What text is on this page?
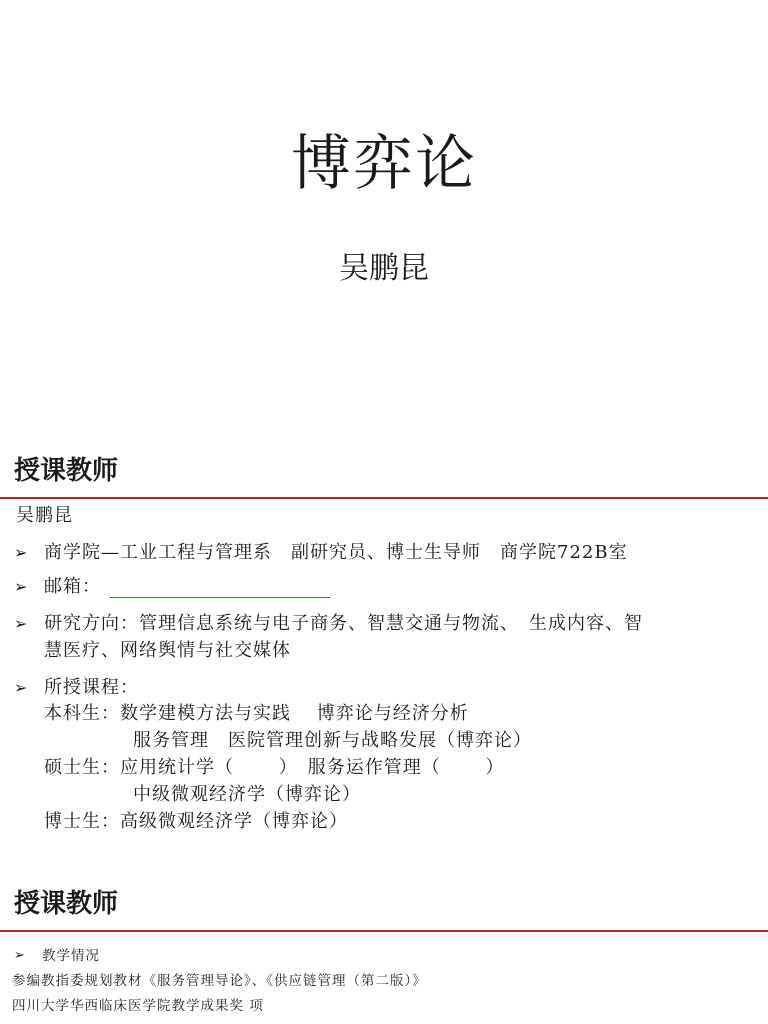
博弈论
吴鹏昆
授课教师
吴鹏昆
➢ 商学院—工业工程与管理系　副研究员、博士生导师　商学院722B室
➢ 邮箱：
➢ 研究方向：管理信息系统与电子商务、智慧交通与物流、　生成内容、智
慧医疗、网络舆情与社交媒体
➢ 所授课程：
本科生：数学建模方法与实践　 博弈论与经济分析
服务管理　医院管理创新与战略发展（博弈论）
硕士生：应用统计学（　　 ）　服务运作管理（　　 ）
中级微观经济学（博弈论）
博士生：高级微观经济学（博弈论）
授课教师
➢ 教学情况
参编教指委规划教材《服务管理导论》、《供应链管理（第二版）》
四川大学华西临床医学院教学成果奖 项
